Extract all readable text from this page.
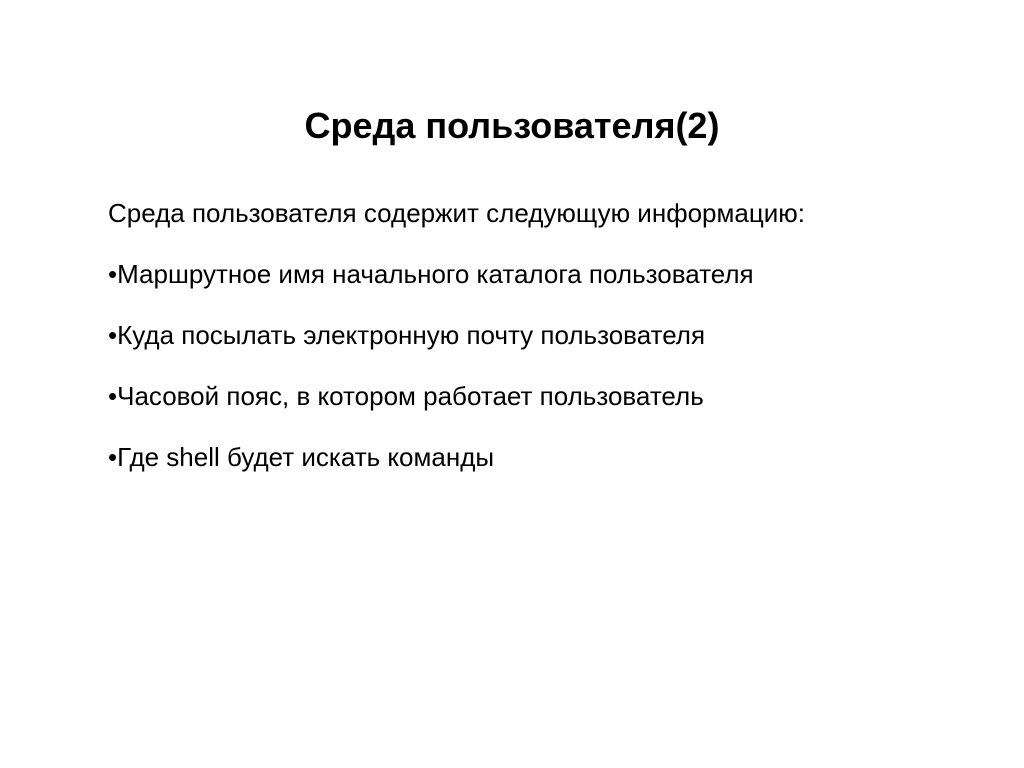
Среда пользователя(2)

Среда пользователя содержит следующую информацию:

•Маршрутное имя начального каталога пользователя
•Куда посылать электронную почту пользователя
•Часовой пояс, в котором работает пользователь
•Где shell будет искать команды
